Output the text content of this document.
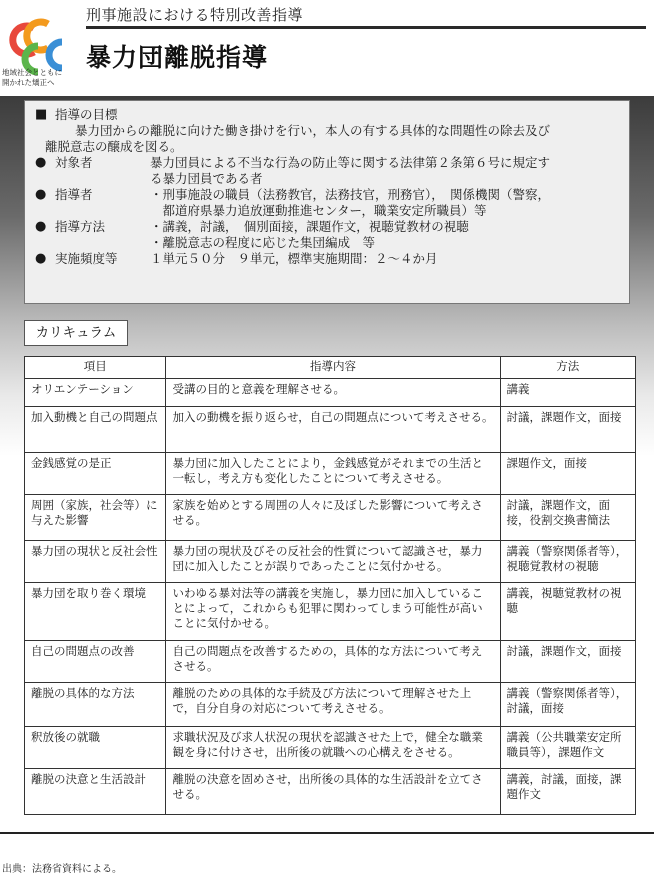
地域社会とともに
開かれた矯正へ
刑事施設における特別改善指導
暴力団離脱指導
■ 指導の目標
暴力団からの離脱に向けた働き掛けを行い，本人の有する具体的な問題性の除去及び
離脱意志の醸成を図る。
● 対象者	暴力団員による不当な行為の防止等に関する法律第２条第６号に規定す
る暴力団員である者
● 指導者	・刑事施設の職員（法務教官，法務技官，刑務官），　関係機関（警察，
　都道府県暴力追放運動推進センター，職業安定所職員）等
● 指導方法	・講義，討議，　個別面接，課題作文，視聴覚教材の視聴
・離脱意志の程度に応じた集団編成　等
● 実施頻度等	１単元５０分　９単元，標準実施期間：２～４か月
カリキュラム
項目	指導内容	方法
オリエンテーション	受講の目的と意義を理解させる。	講義
加入動機と自己の問題点	加入の動機を振り返らせ，自己の問題点について考えさせる。	討議，課題作文，面接
金銭感覚の是正	暴力団に加入したことにより，金銭感覚がそれまでの生活と一転し，考え方も変化したことについて考えさせる。	課題作文，面接
周囲（家族，社会等）に与えた影響	家族を始めとする周囲の人々に及ぼした影響について考えさせる。	討議，課題作文，面接，役割交換書簡法
暴力団の現状と反社会性	暴力団の現状及びその反社会的性質について認識させ，暴力団に加入したことが誤りであったことに気付かせる。	講義（警察関係者等），視聴覚教材の視聴
暴力団を取り巻く環境	いわゆる暴対法等の講義を実施し，暴力団に加入していることによって，これからも犯罪に関わってしまう可能性が高いことに気付かせる。	講義，視聴覚教材の視聴
自己の問題点の改善	自己の問題点を改善するための，具体的な方法について考えさせる。	討議，課題作文，面接
離脱の具体的な方法	離脱のための具体的な手続及び方法について理解させた上で，自分自身の対応について考えさせる。	講義（警察関係者等），討議，面接
釈放後の就職	求職状況及び求人状況の現状を認識させた上で，健全な職業観を身に付けさせ，出所後の就職への心構えをさせる。	講義（公共職業安定所職員等），課題作文
離脱の決意と生活設計	離脱の決意を固めさせ，出所後の具体的な生活設計を立てさせる。	講義，討議，面接，課題作文
出典：法務省資料による。
